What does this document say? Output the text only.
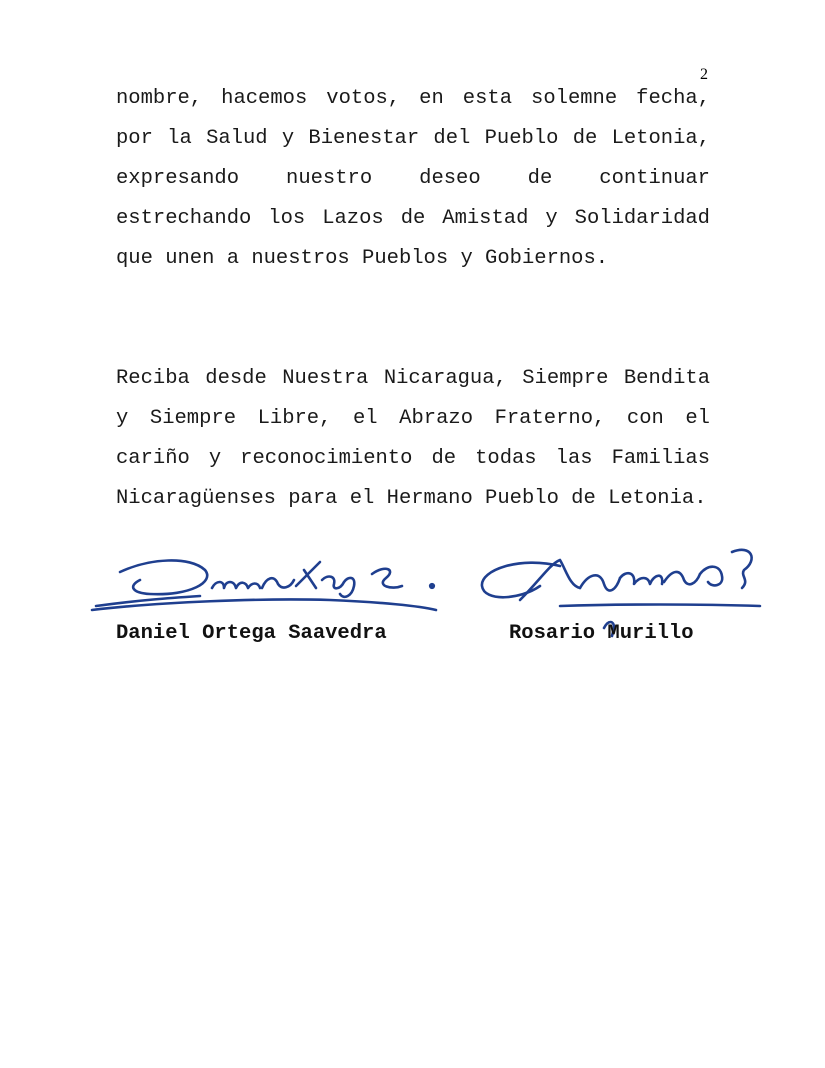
2

nombre, hacemos votos, en esta solemne fecha, por la Salud y Bienestar del Pueblo de Letonia, expresando nuestro deseo de continuar estrechando los Lazos de Amistad y Solidaridad que unen a nuestros Pueblos y Gobiernos.

Reciba desde Nuestra Nicaragua, Siempre Bendita y Siempre Libre, el Abrazo Fraterno, con el cariño y reconocimiento de todas las Familias Nicaragüenses para el Hermano Pueblo de Letonia.

Daniel Ortega Saavedra	Rosario Murillo
